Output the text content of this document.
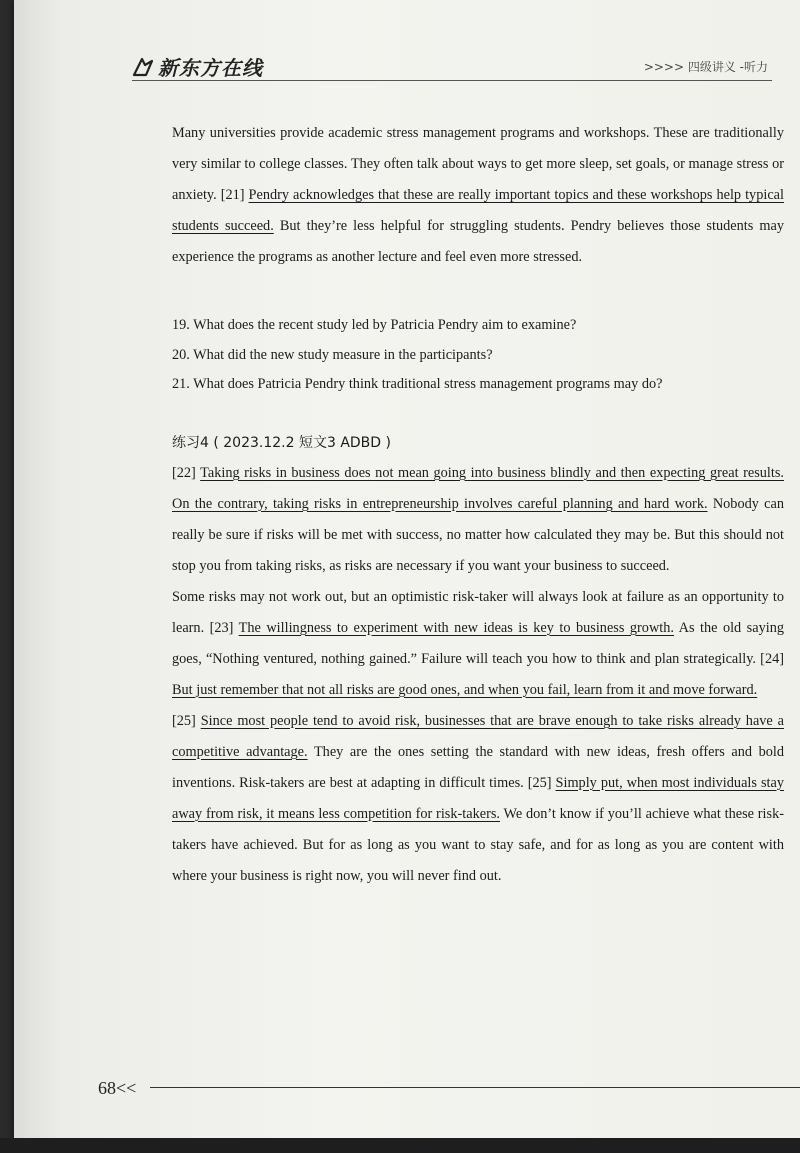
新东方在线	>>>> 四级讲义 -听力

Many universities provide academic stress management programs and workshops. These are traditionally very similar to college classes. They often talk about ways to get more sleep, set goals, or manage stress or anxiety. [21] Pendry acknowledges that these are really important topics and these workshops help typical students succeed. But they’re less helpful for struggling students. Pendry believes those students may experience the programs as another lecture and feel even more stressed.

19. What does the recent study led by Patricia Pendry aim to examine?

20. What did the new study measure in the participants?

21. What does Patricia Pendry think traditional stress management programs may do?

练习4 ( 2023.12.2 短文3 ADBD )

[22] Taking risks in business does not mean going into business blindly and then expecting great results. On the contrary, taking risks in entrepreneurship involves careful planning and hard work. Nobody can really be sure if risks will be met with success, no matter how calculated they may be. But this should not stop you from taking risks, as risks are necessary if you want your business to succeed.

Some risks may not work out, but an optimistic risk-taker will always look at failure as an opportunity to learn. [23] The willingness to experiment with new ideas is key to business growth. As the old saying goes, “Nothing ventured, nothing gained.” Failure will teach you how to think and plan strategically. [24] But just remember that not all risks are good ones, and when you fail, learn from it and move forward.

[25] Since most people tend to avoid risk, businesses that are brave enough to take risks already have a competitive advantage. They are the ones setting the standard with new ideas, fresh offers and bold inventions. Risk-takers are best at adapting in difficult times. [25] Simply put, when most individuals stay away from risk, it means less competition for risk-takers. We don’t know if you’ll achieve what these risk-takers have achieved. But for as long as you want to stay safe, and for as long as you are content with where your business is right now, you will never find out.

68<<
